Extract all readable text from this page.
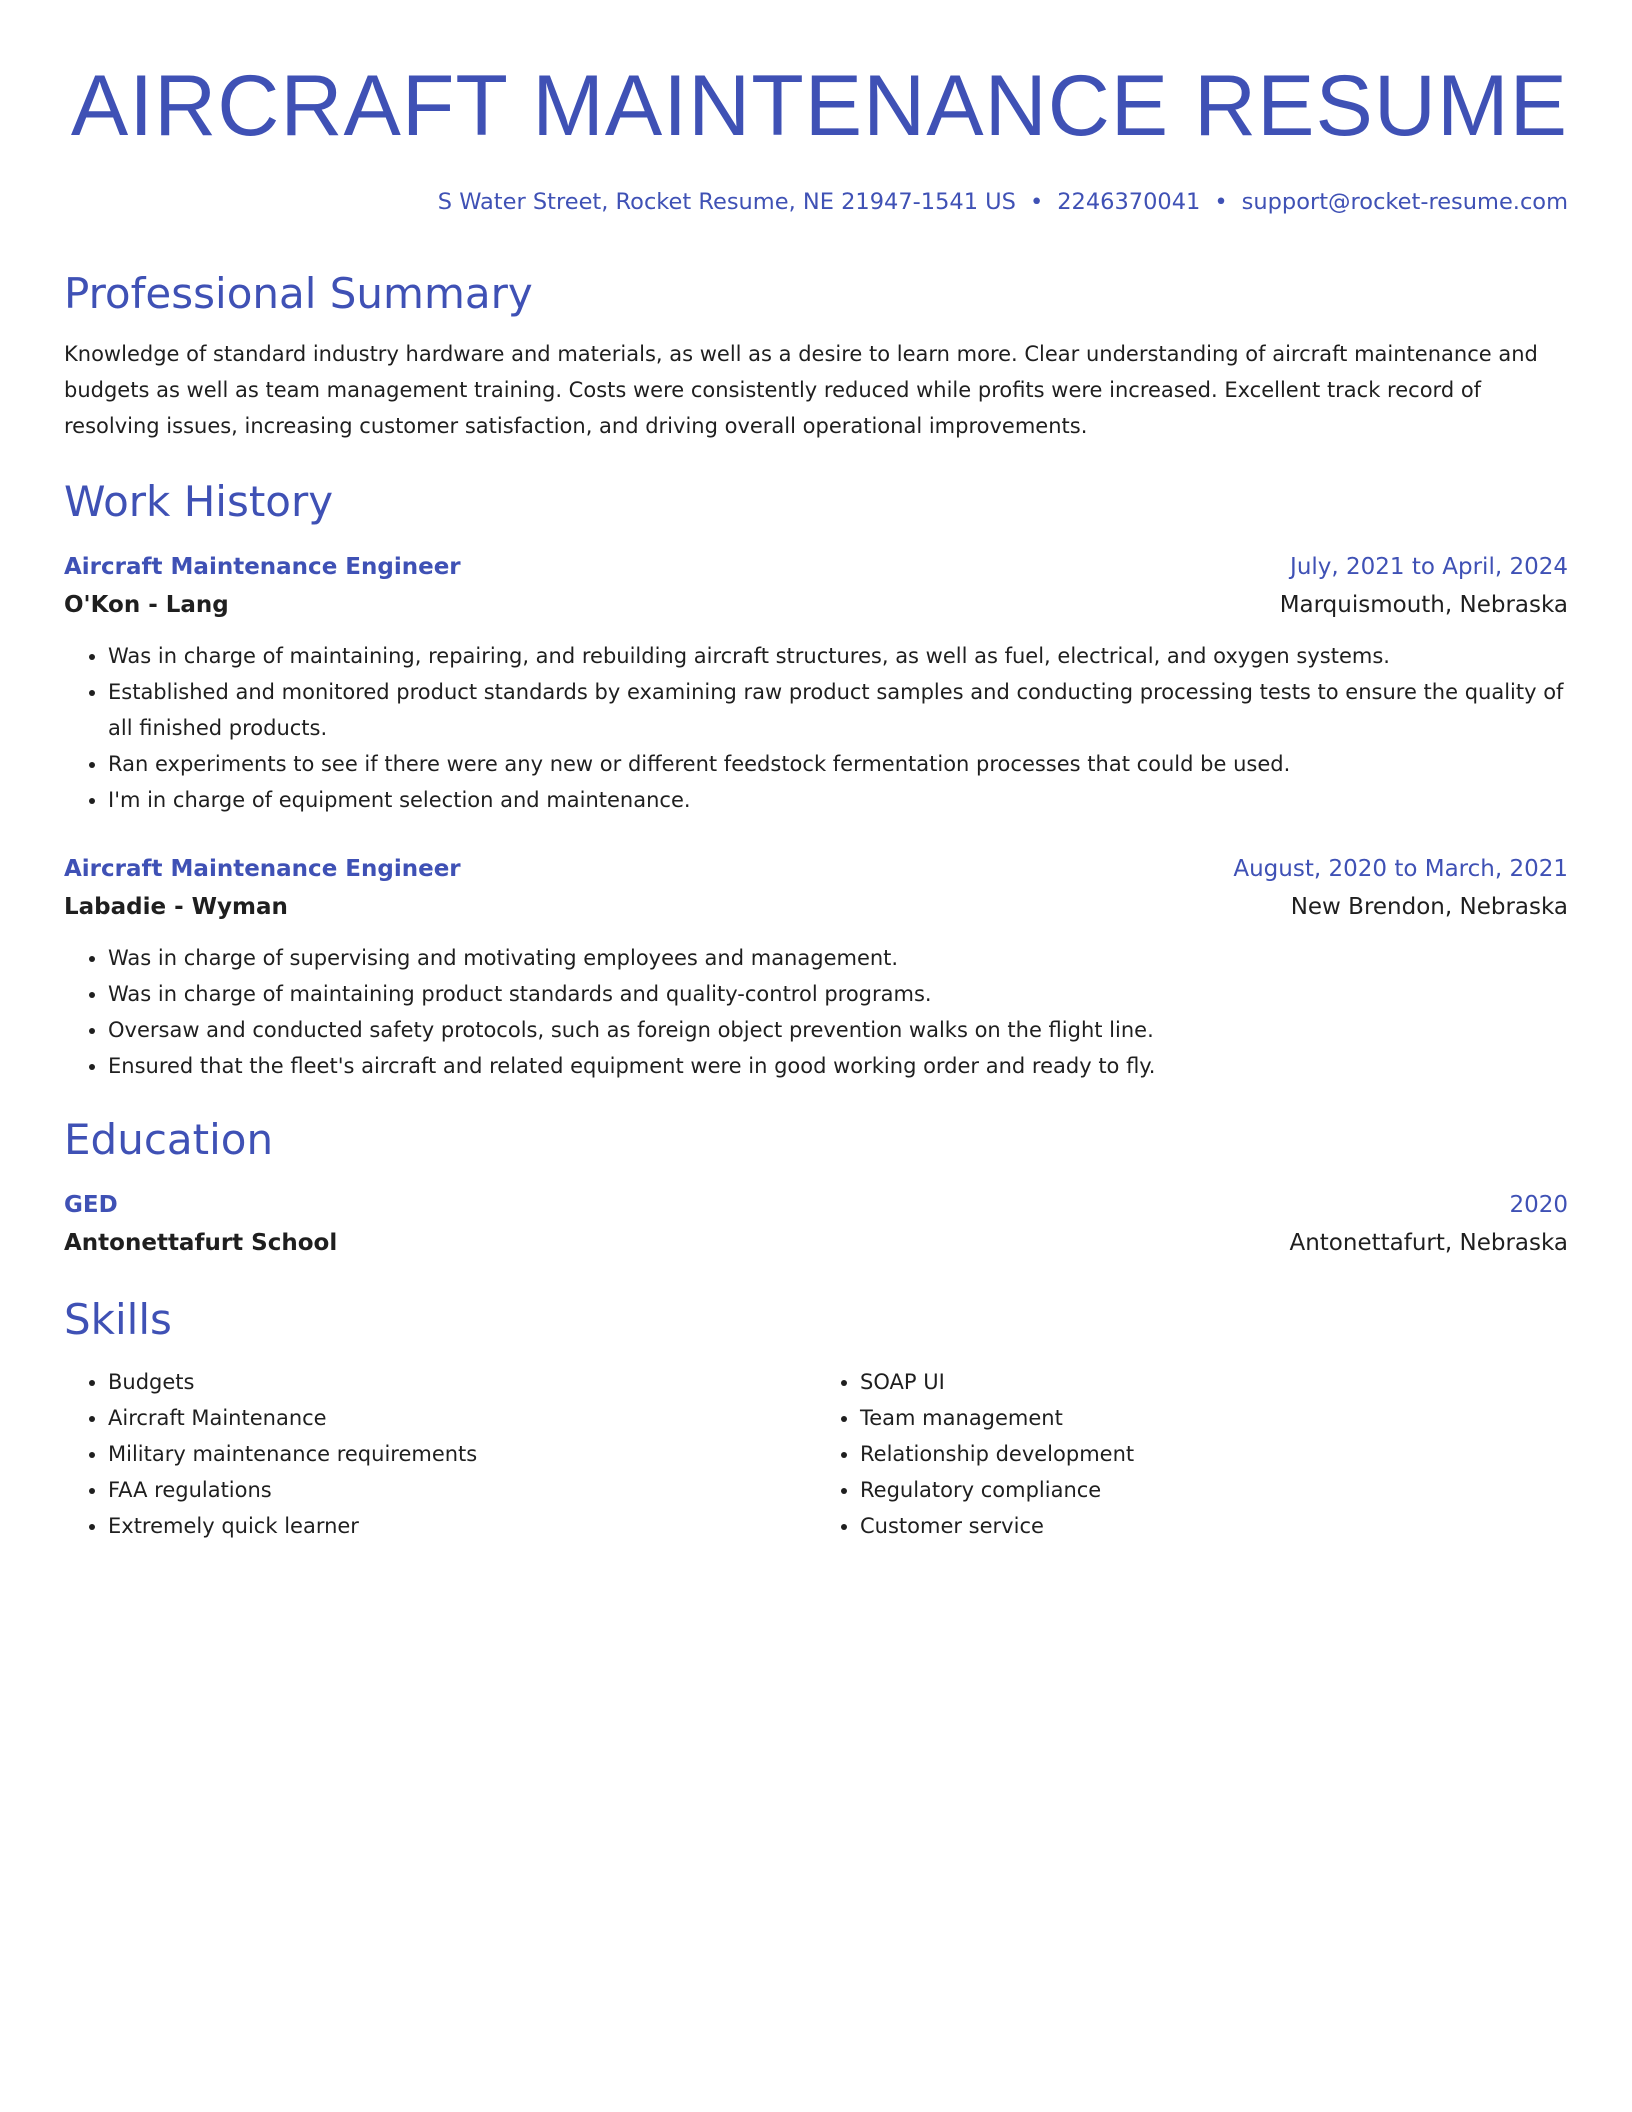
AIRCRAFT MAINTENANCE RESUME
S Water Street, Rocket Resume, NE 21947-1541 US • 2246370041 • support@rocket-resume.com
Professional Summary

Knowledge of standard industry hardware and materials, as well as a desire to learn more. Clear understanding of aircraft maintenance and budgets as well as team management training. Costs were consistently reduced while profits were increased. Excellent track record of resolving issues, increasing customer satisfaction, and driving overall operational improvements.

Work History
Aircraft Maintenance Engineer	July, 2021 to April, 2024
O'Kon - Lang	Marquismouth, Nebraska
• Was in charge of maintaining, repairing, and rebuilding aircraft structures, as well as fuel, electrical, and oxygen systems.
• Established and monitored product standards by examining raw product samples and conducting processing tests to ensure the quality of all finished products.
• Ran experiments to see if there were any new or different feedstock fermentation processes that could be used.
• I'm in charge of equipment selection and maintenance.
Aircraft Maintenance Engineer	August, 2020 to March, 2021
Labadie - Wyman	New Brendon, Nebraska
• Was in charge of supervising and motivating employees and management.
• Was in charge of maintaining product standards and quality-control programs.
• Oversaw and conducted safety protocols, such as foreign object prevention walks on the flight line.
• Ensured that the fleet's aircraft and related equipment were in good working order and ready to fly.
Education
GED	2020
Antonettafurt School	Antonettafurt, Nebraska
Skills
• Budgets
• Aircraft Maintenance
• Military maintenance requirements
• FAA regulations
• Extremely quick learner
• SOAP UI
• Team management
• Relationship development
• Regulatory compliance
• Customer service
